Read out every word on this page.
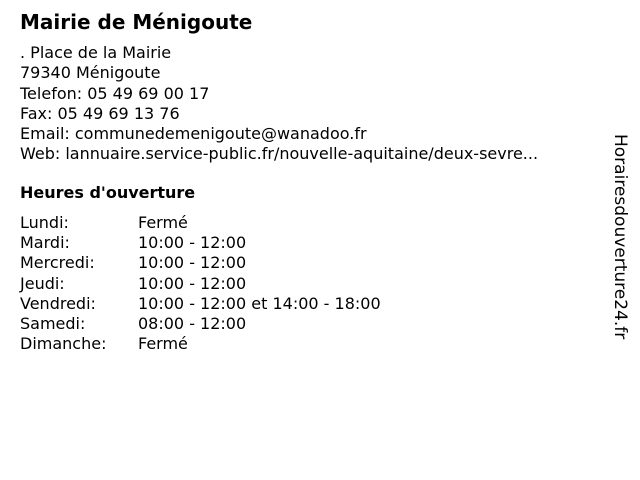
Mairie de Ménigoute
. Place de la Mairie
79340 Ménigoute
Telefon: 05 49 69 00 17
Fax: 05 49 69 13 76
Email: communedemenigoute@wanadoo.fr
Web: lannuaire.service-public.fr/nouvelle-aquitaine/deux-sevre...
Heures d'ouverture
Lundi:	Fermé
Mardi:	10:00 - 12:00
Mercredi:	10:00 - 12:00
Jeudi:	10:00 - 12:00
Vendredi:	10:00 - 12:00 et 14:00 - 18:00
Samedi:	08:00 - 12:00
Dimanche: Fermé
Horairesdouverture24.fr
